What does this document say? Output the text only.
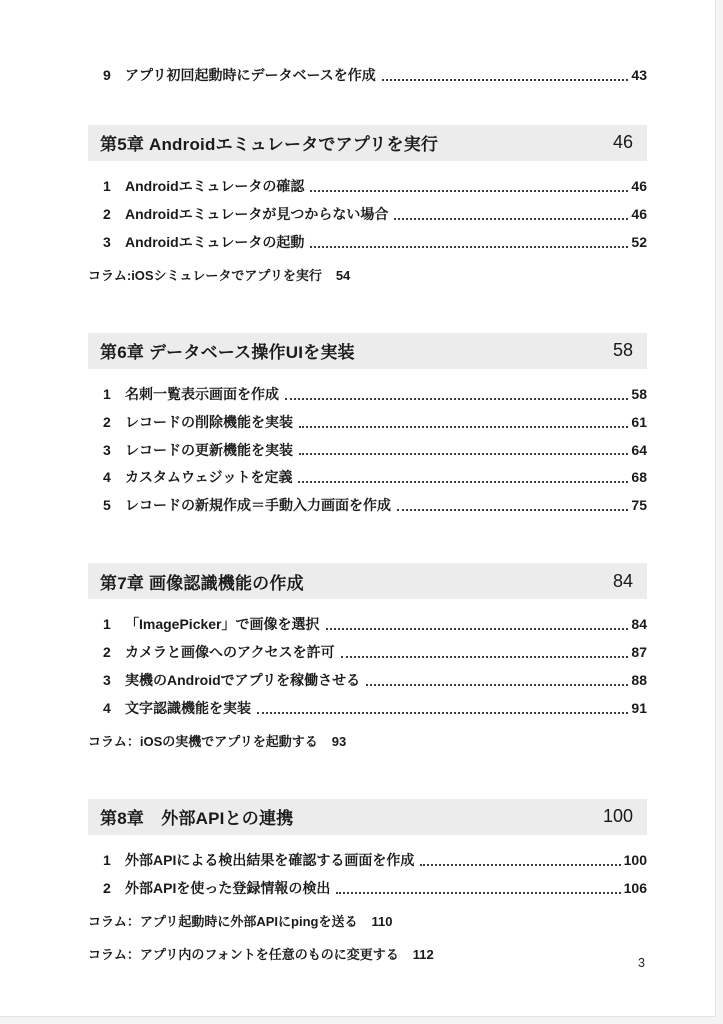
9	アプリ初回起動時にデータベースを作成	43
第5章 Androidエミュレータでアプリを実行	46
1	Androidエミュレータの確認	46
2	Androidエミュレータが見つからない場合	46
3	Androidエミュレータの起動	52
コラム:iOSシミュレータでアプリを実行 54
第6章 データベース操作UIを実装	58
1	名刺一覧表示画面を作成	58
2	レコードの削除機能を実装	61
3	レコードの更新機能を実装	64
4	カスタムウェジットを定義	68
5	レコードの新規作成＝手動入力画面を作成	75
第7章 画像認識機能の作成	84
1	「ImagePicker」で画像を選択	84
2	カメラと画像へのアクセスを許可	87
3	実機のAndroidでアプリを稼働させる	88
4	文字認識機能を実装	91
コラム：iOSの実機でアプリを起動する 93
第8章　外部APIとの連携	100
1	外部APIによる検出結果を確認する画面を作成	100
2	外部APIを使った登録情報の検出	106
コラム：アプリ起動時に外部APIにpingを送る 110
コラム：アプリ内のフォントを任意のものに変更する 112
3
